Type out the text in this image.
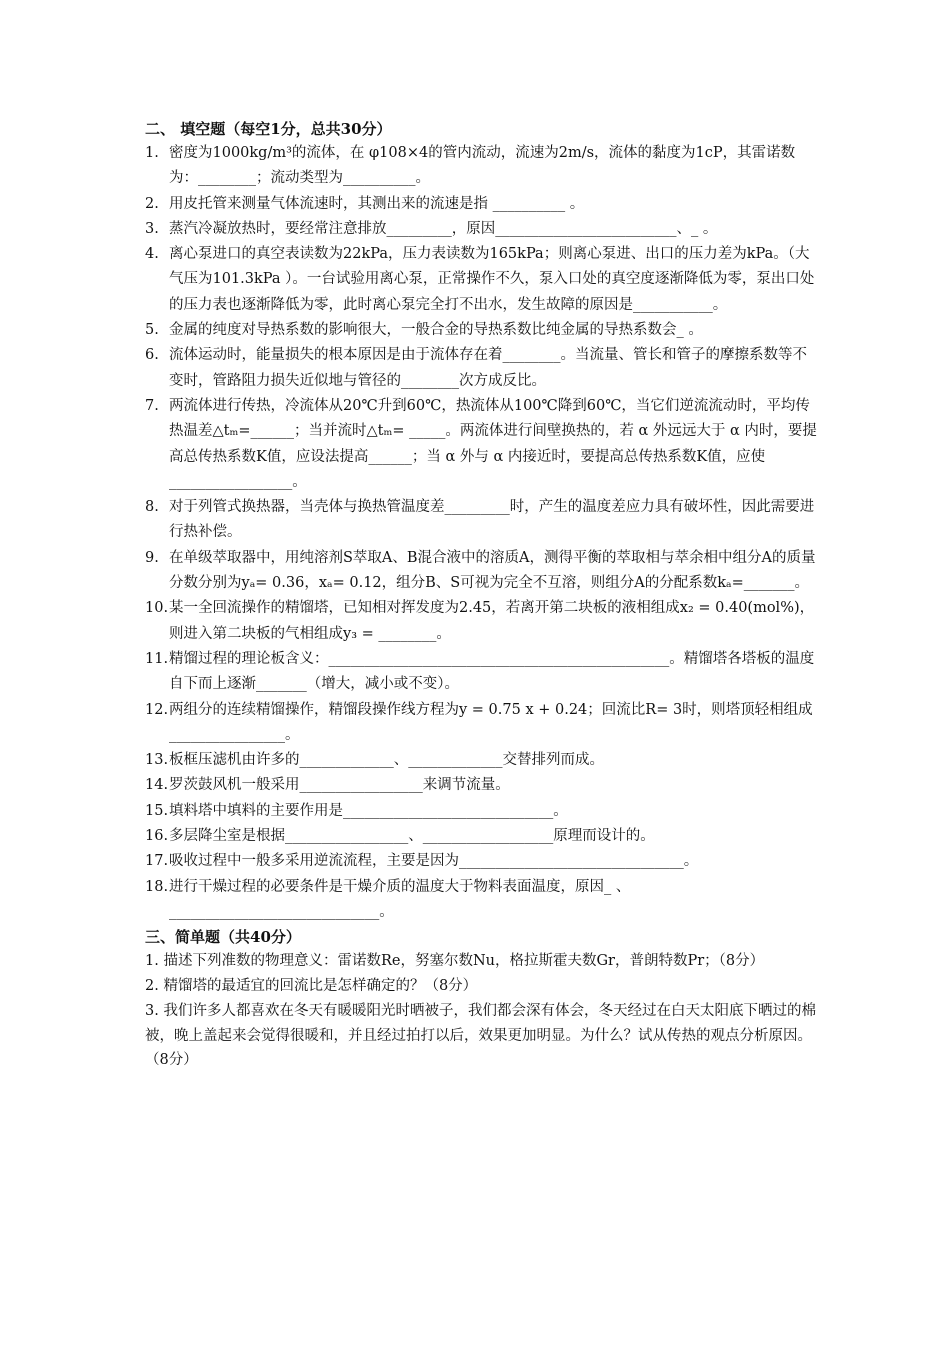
二、 填空题（每空1分，总共30分）

1. 密度为1000kg/m³的流体，在 φ108×4的管内流动，流速为2m/s，流体的黏度为1cP，其雷诺数为：________；流动类型为__________。
2. 用皮托管来测量气体流速时，其测出来的流速是指 __________ 。
3. 蒸汽冷凝放热时，要经常注意排放_________，原因_________________________、_ 。
4. 离心泵进口的真空表读数为22kPa，压力表读数为165kPa；则离心泵进、出口的压力差为kPa。（大气压为101.3kPa ）。一台试验用离心泵，正常操作不久，泵入口处的真空度逐渐降低为零，泵出口处的压力表也逐渐降低为零，此时离心泵完全打不出水，发生故障的原因是___________。
5. 金属的纯度对导热系数的影响很大，一般合金的导热系数比纯金属的导热系数会_ 。
6. 流体运动时，能量损失的根本原因是由于流体存在着________。当流量、管长和管子的摩擦系数等不变时，管路阻力损失近似地与管径的________次方成反比。
7. 两流体进行传热，冷流体从20℃升到60℃，热流体从100℃降到60℃，当它们逆流流动时，平均传热温差△tₘ=______；当并流时△tₘ= _____。两流体进行间壁换热的，若 α 外远远大于 α 内时，要提高总传热系数K值，应设法提高______；当 α 外与 α 内接近时，要提高总传热系数K值，应使_________________。
8. 对于列管式换热器，当壳体与换热管温度差_________时，产生的温度差应力具有破坏性，因此需要进行热补偿。
9. 在单级萃取器中，用纯溶剂S萃取A、B混合液中的溶质A，测得平衡的萃取相与萃余相中组分A的质量分数分别为yₐ= 0.36，xₐ= 0.12，组分B、S可视为完全不互溶，则组分A的分配系数kₐ=_______。
10. 某一全回流操作的精馏塔，已知相对挥发度为2.45，若离开第二块板的液相组成x₂ = 0.40(mol%)，则进入第二块板的气相组成y₃ = ________。
11. 精馏过程的理论板含义：_______________________________________________。精馏塔各塔板的温度自下而上逐渐_______（增大，减小或不变）。
12. 两组分的连续精馏操作，精馏段操作线方程为y = 0.75 x + 0.24；回流比R= 3时，则塔顶轻相组成________________。
13. 板框压滤机由许多的_____________、_____________交替排列而成。
14. 罗茨鼓风机一般采用_________________来调节流量。
15. 填料塔中填料的主要作用是_____________________________。
16. 多层降尘室是根据_________________、__________________原理而设计的。
17. 吸收过程中一般多采用逆流流程，主要是因为_______________________________。
18. 进行干燥过程的必要条件是干燥介质的温度大于物料表面温度，原因_ 、 _____________________________。

三、简单题（共40分）

1. 描述下列准数的物理意义：雷诺数Re，努塞尔数Nu，格拉斯霍夫数Gr，普朗特数Pr；（8分）

2. 精馏塔的最适宜的回流比是怎样确定的？（8分）

3. 我们许多人都喜欢在冬天有暖暖阳光时晒被子，我们都会深有体会，冬天经过在白天太阳底下晒过的棉被，晚上盖起来会觉得很暖和，并且经过拍打以后，效果更加明显。为什么？试从传热的观点分析原因。（8分）
